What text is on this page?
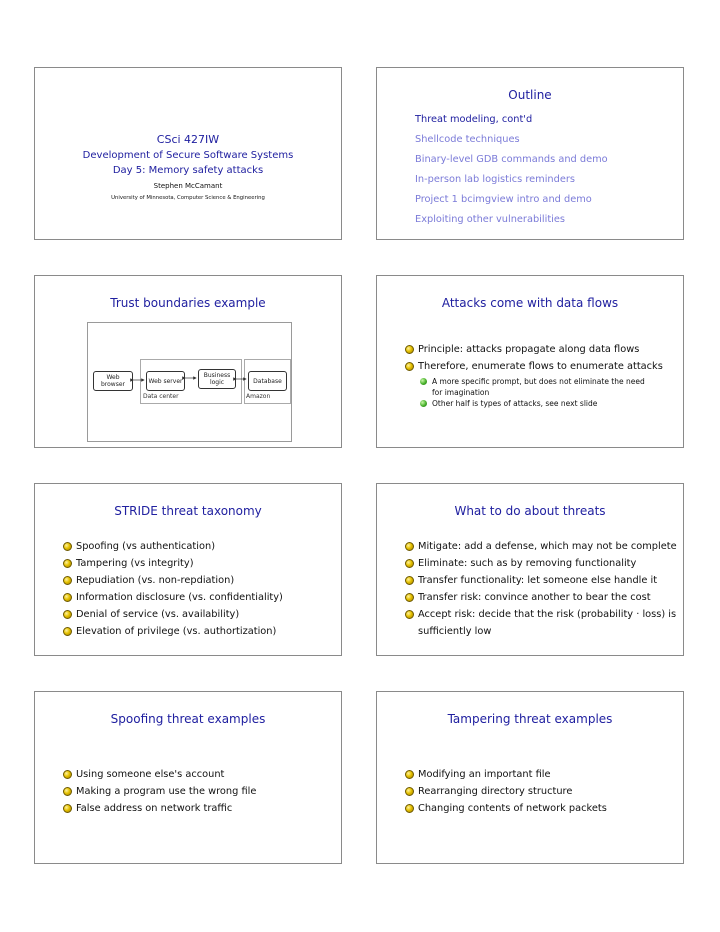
CSci 427IW
Development of Secure Software Systems
Day 5: Memory safety attacks
Stephen McCamant
University of Minnesota, Computer Science & Engineering
Outline
Threat modeling, cont'd
Shellcode techniques
Binary-level GDB commands and demo
In-person lab logistics reminders
Project 1 bcimgview intro and demo
Exploiting other vulnerabilities
Trust boundaries example
Data center	Amazon
Web browser	Web server
Business logic	Database
Attacks come with data flows
Principle: attacks propagate along data flows
Therefore, enumerate flows to enumerate attacks
A more specific prompt, but does not eliminate the need
for imagination
Other half is types of attacks, see next slide
STRIDE threat taxonomy
Spoofing (vs authentication)
Tampering (vs integrity)
Repudiation (vs. non-repdiation)
Information disclosure (vs. confidentiality)
Denial of service (vs. availability)
Elevation of privilege (vs. authortization)
What to do about threats
Mitigate: add a defense, which may not be complete
Eliminate: such as by removing functionality
Transfer functionality: let someone else handle it
Transfer risk: convince another to bear the cost
Accept risk: decide that the risk (probability · loss) is
sufficiently low
Spoofing threat examples
Using someone else's account
Making a program use the wrong file
False address on network traffic
Tampering threat examples
Modifying an important file
Rearranging directory structure
Changing contents of network packets
